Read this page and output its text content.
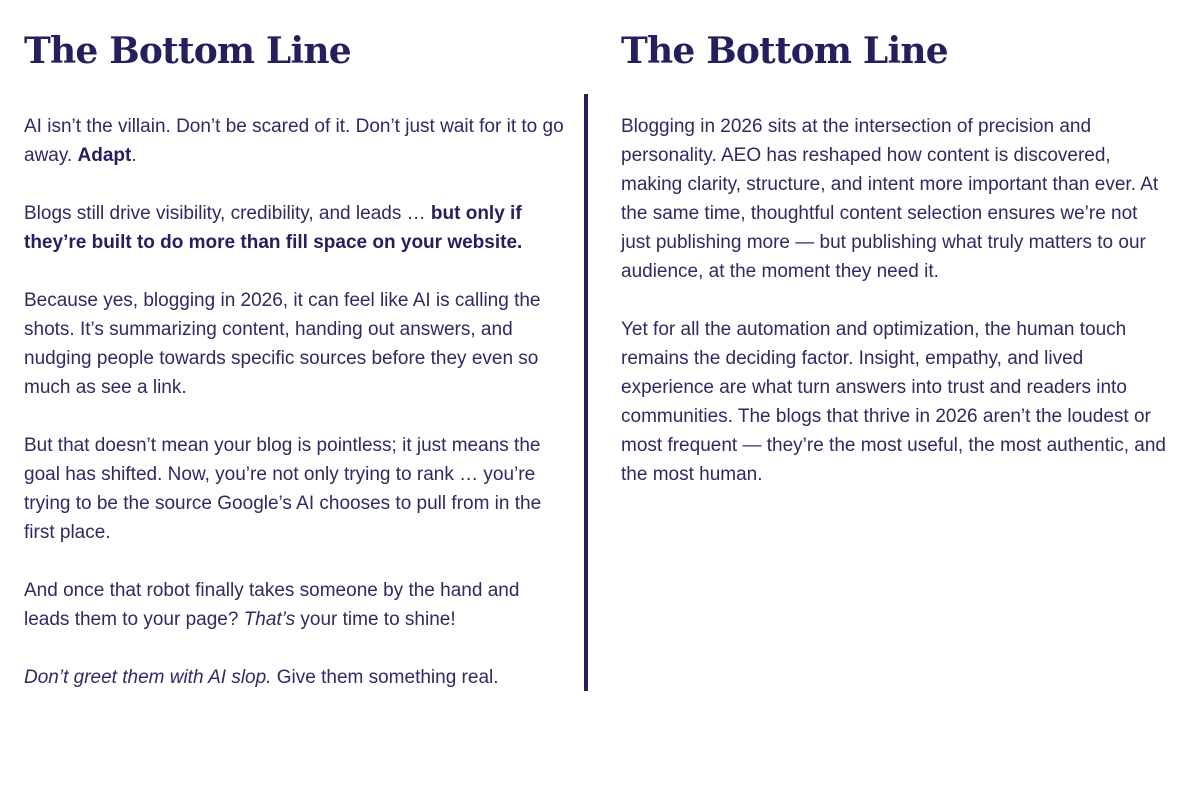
The Bottom Line

AI isn’t the villain. Don’t be scared of it. Don’t just wait for it to go away. Adapt.

Blogs still drive visibility, credibility, and leads … but only if they’re built to do more than fill space on your website.

Because yes, blogging in 2026, it can feel like AI is calling the shots. It’s summarizing content, handing out answers, and nudging people towards specific sources before they even so much as see a link.

But that doesn’t mean your blog is pointless; it just means the goal has shifted. Now, you’re not only trying to rank … you’re trying to be the source Google’s AI chooses to pull from in the first place.

And once that robot finally takes someone by the hand and leads them to your page? That’s your time to shine!

Don’t greet them with AI slop. Give them something real.

The Bottom Line

Blogging in 2026 sits at the intersection of precision and personality. AEO has reshaped how content is discovered, making clarity, structure, and intent more important than ever. At the same time, thoughtful content selection ensures we’re not just publishing more — but publishing what truly matters to our audience, at the moment they need it.

Yet for all the automation and optimization, the human touch remains the deciding factor. Insight, empathy, and lived experience are what turn answers into trust and readers into communities. The blogs that thrive in 2026 aren’t the loudest or most frequent — they’re the most useful, the most authentic, and the most human.
